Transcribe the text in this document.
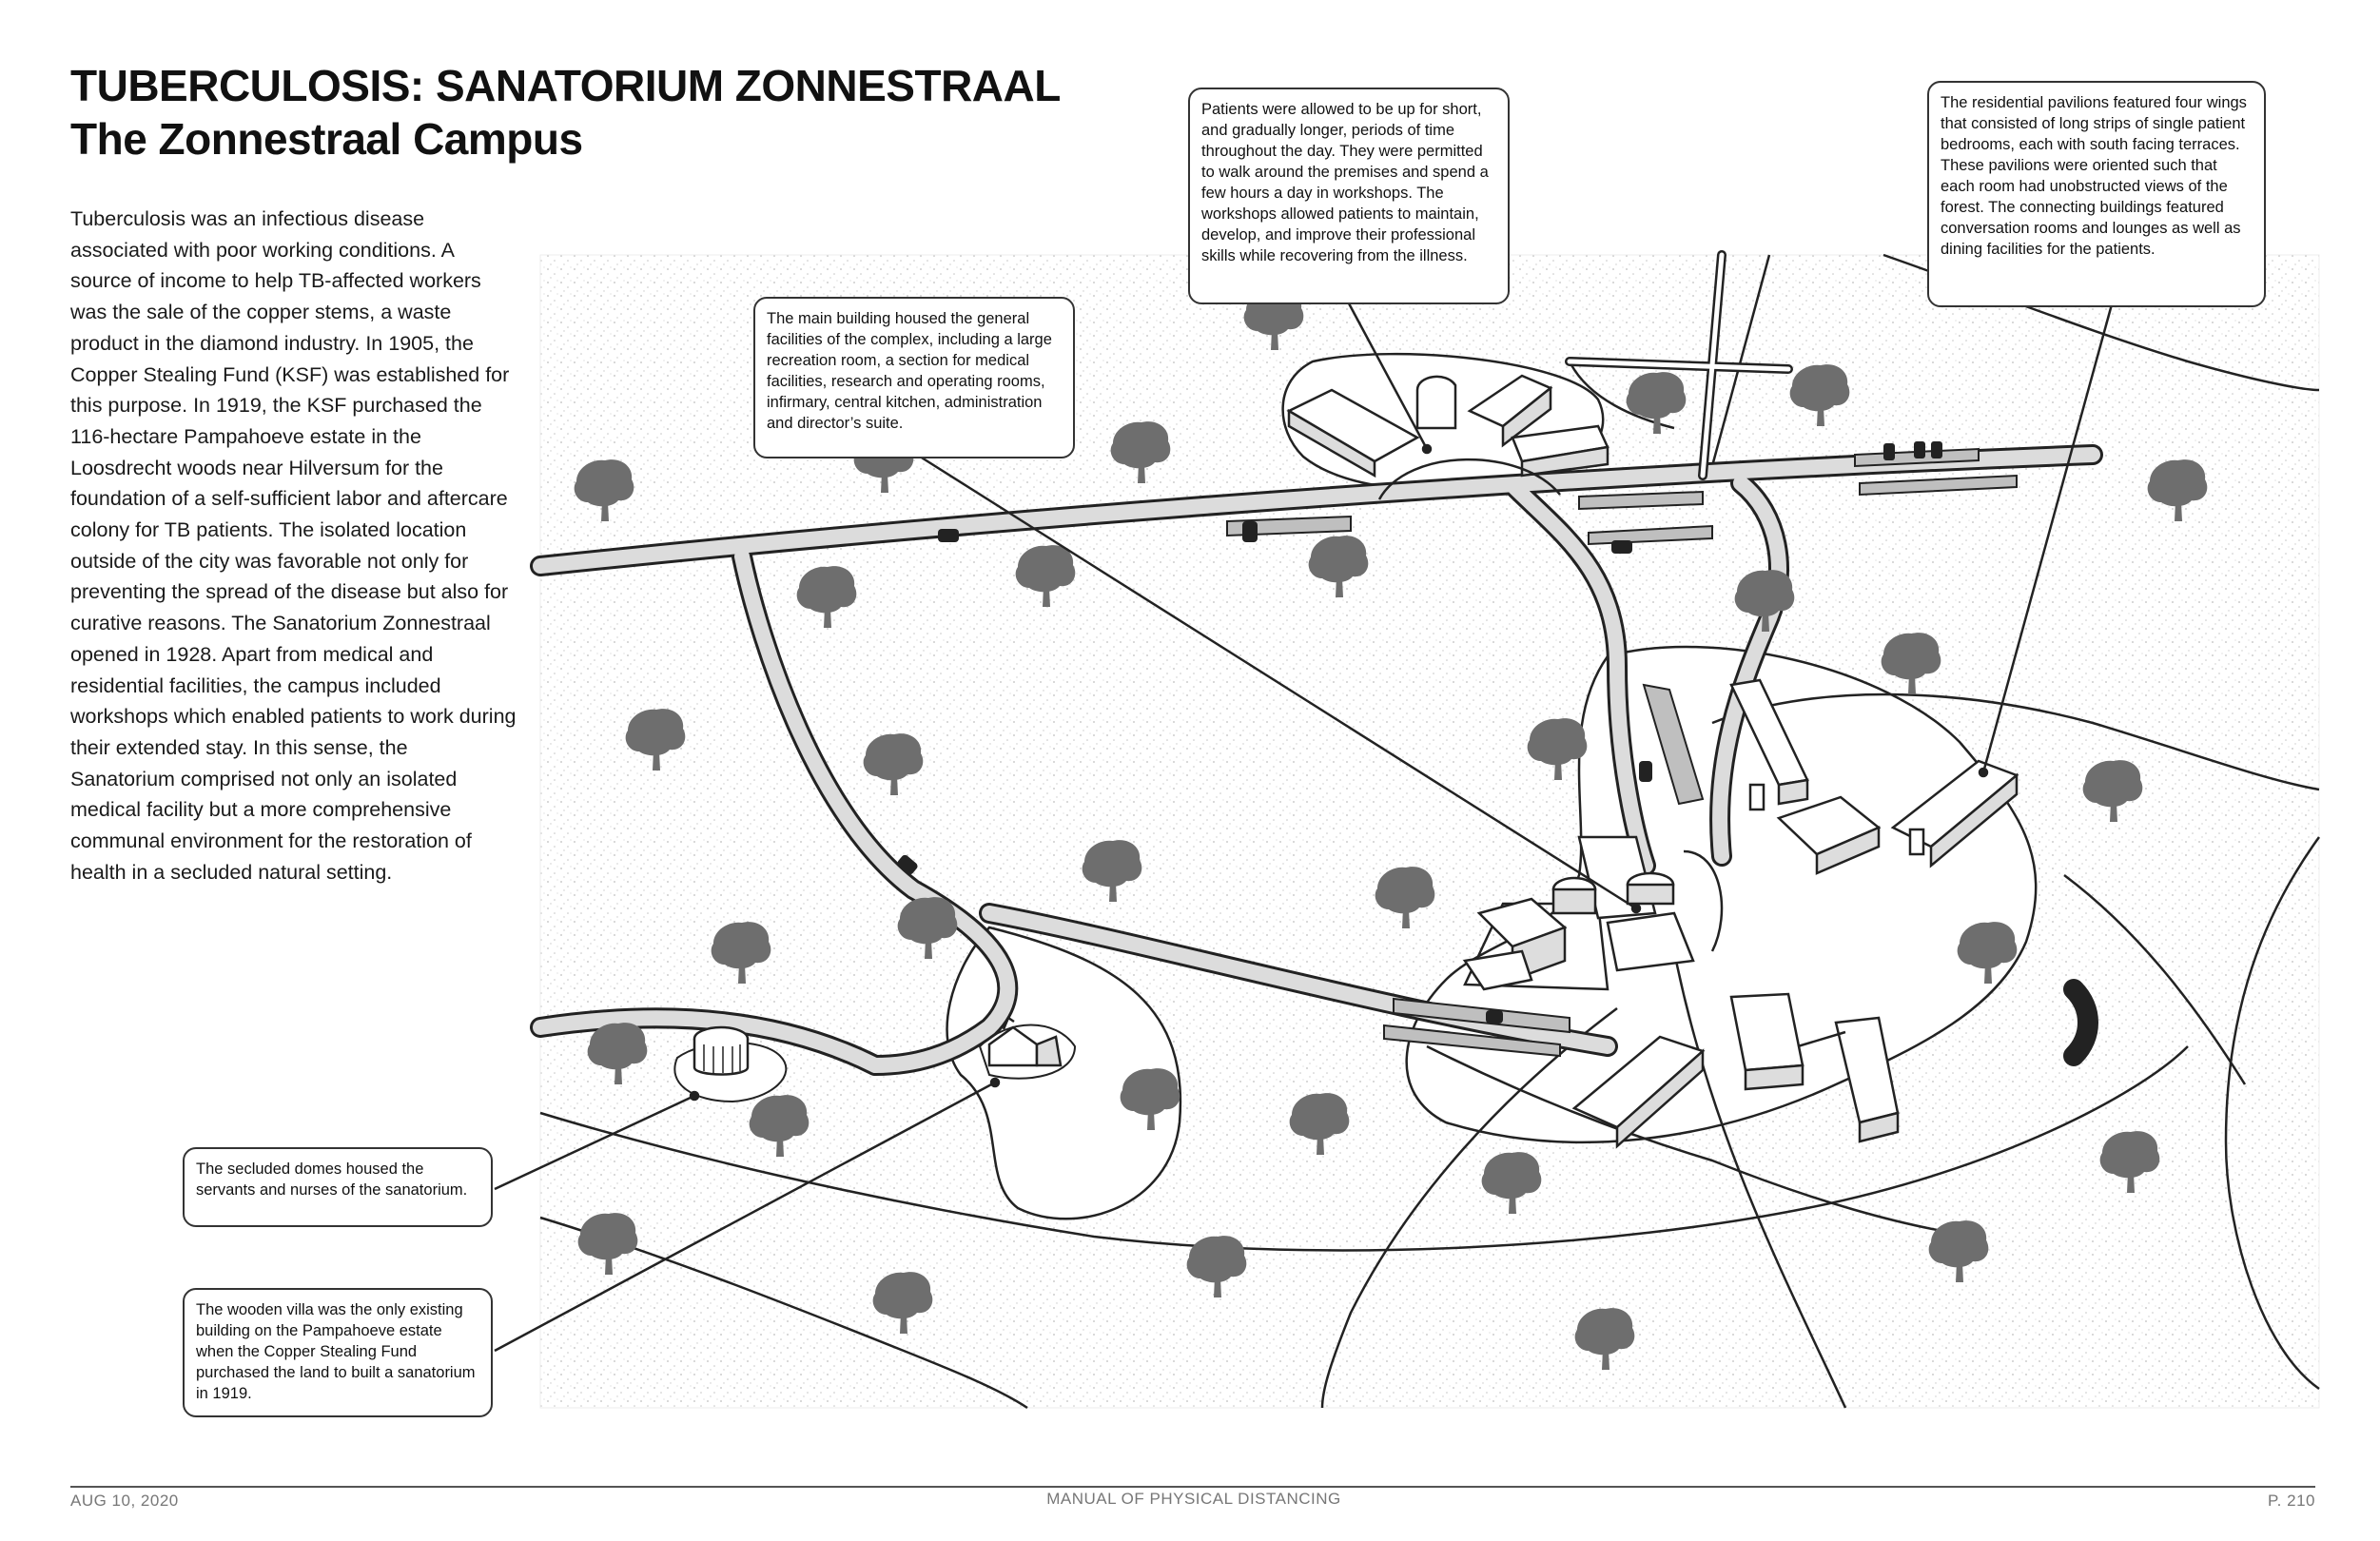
TUBERCULOSIS: SANATORIUM ZONNESTRAAL
The Zonnestraal Campus

Tuberculosis was an infectious disease associated with poor working conditions. A source of income to help TB-affected workers was the sale of the copper stems, a waste product in the diamond industry. In 1905, the Copper Stealing Fund (KSF) was established for this purpose. In 1919, the KSF purchased the 116-hectare Pampahoeve estate in the Loosdrecht woods near Hilversum for the foundation of a self-sufficient labor and aftercare colony for TB patients. The isolated location outside of the city was favorable not only for preventing the spread of the disease but also for curative reasons. The Sanatorium Zonnestraal opened in 1928. Apart from medical and residential facilities, the campus included workshops which enabled patients to work during their extended stay. In this sense, the Sanatorium comprised not only an isolated medical facility but a more comprehensive communal environment for the restoration of health in a secluded natural setting.

Patients were allowed to be up for short, and gradually longer, periods of time throughout the day. They were permitted to walk around the premises and spend a few hours a day in workshops. The workshops allowed patients to maintain, develop, and improve their professional skills while recovering from the illness.
The main building housed the general facilities of the complex, including a large recreation room, a section for medical facilities, research and operating rooms, infirmary, central kitchen, administration and director’s suite.
The residential pavilions featured four wings that consisted of long strips of single patient bedrooms, each with south facing terraces. These pavilions were oriented such that each room had unobstructed views of the forest. The connecting buildings featured conversation rooms and lounges as well as dining facilities for the patients.
The secluded domes housed the servants and nurses of the sanatorium.
The wooden villa was the only existing building on the Pampahoeve estate when the Copper Stealing Fund purchased the land to built a sanatorium in 1919.
AUG 10, 2020	MANUAL OF PHYSICAL DISTANCING	P. 210
